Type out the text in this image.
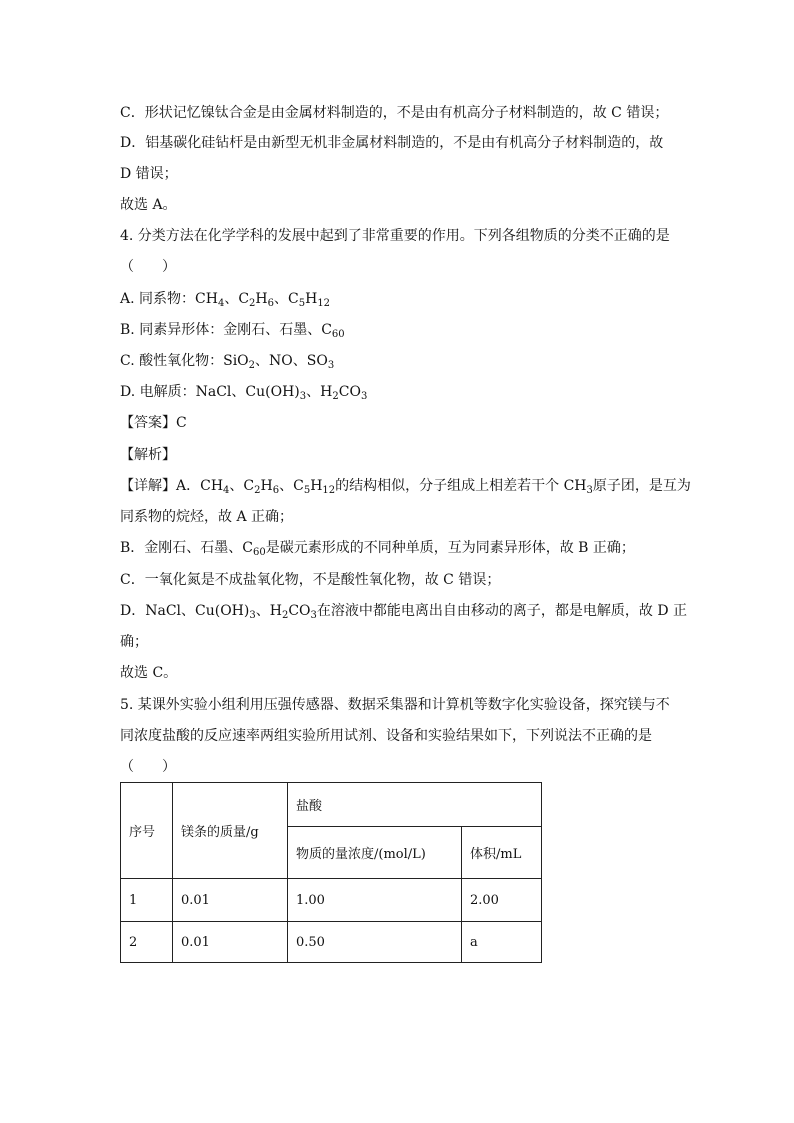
C．形状记忆镍钛合金是由金属材料制造的，不是由有机高分子材料制造的，故 C 错误；
D．铝基碳化硅钻杆是由新型无机非金属材料制造的，不是由有机高分子材料制造的，故
D 错误；
故选 A。
4. 分类方法在化学学科的发展中起到了非常重要的作用。下列各组物质的分类不正确的是
（　　）
A. 同系物：$CH_4$、$C_2H_6$、$C_5H_{12}$
B. 同素异形体：金刚石、石墨、$C_{60}$
C. 酸性氧化物：SiO$_2$、NO、$SO_3$
D. 电解质：NaCl、$Cu(OH)_3$、$H_2CO_3$
【答案】C
【解析】
【详解】A．$CH_4$、$C_2H_6$、$C_5H_{12}$的结构相似，分子组成上相差若干个 $CH_3$原子团，是互为
同系物的烷烃，故 A 正确；
B．金刚石、石墨、$C_{60}$是碳元素形成的不同种单质，互为同素异形体，故 B 正确；
C．一氧化氮是不成盐氧化物，不是酸性氧化物，故 C 错误；
D．NaCl、$Cu(OH)_3$、$H_2CO_3$在溶液中都能电离出自由移动的离子，都是电解质，故 D 正
确；
故选 C。
5. 某课外实验小组利用压强传感器、数据采集器和计算机等数字化实验设备，探究镁与不
同浓度盐酸的反应速率两组实验所用试剂、设备和实验结果如下，下列说法不正确的是
（　　）
序号	镁条的质量/g	盐酸	
		物质的量浓度/(mol/L)	体积/mL
1	0.01	1.00	2.00
2	0.01	0.50	a
